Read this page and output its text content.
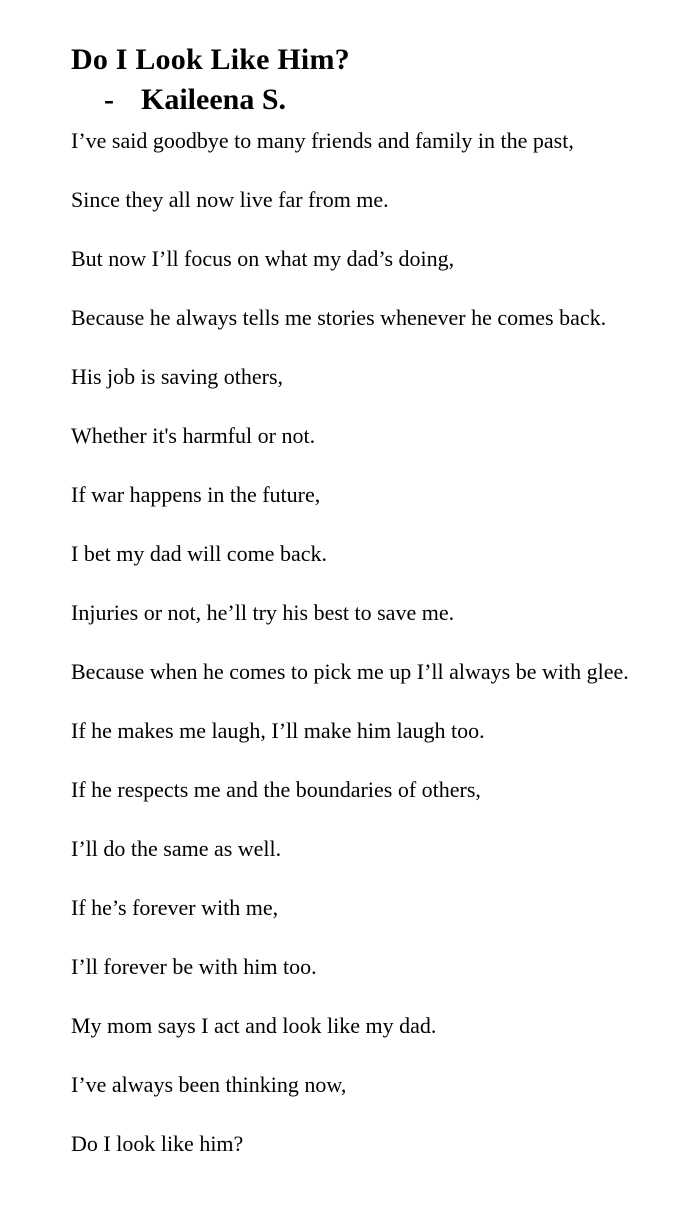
Do I Look Like Him?
- Kaileena S.

I’ve said goodbye to many friends and family in the past,

Since they all now live far from me.

But now I’ll focus on what my dad’s doing,

Because he always tells me stories whenever he comes back.

His job is saving others,

Whether it's harmful or not.

If war happens in the future,

I bet my dad will come back.

Injuries or not, he’ll try his best to save me.

Because when he comes to pick me up I’ll always be with glee.

If he makes me laugh, I’ll make him laugh too.

If he respects me and the boundaries of others,

I’ll do the same as well.

If he’s forever with me,

I’ll forever be with him too.

My mom says I act and look like my dad.

I’ve always been thinking now,

Do I look like him?
